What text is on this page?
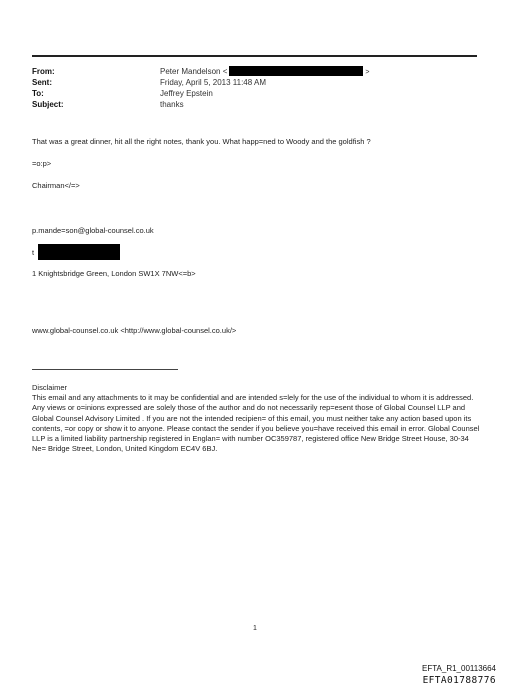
From:	Peter Mandelson <	>
Sent:	Friday, April 5, 2013 11:48 AM
To:	Jeffrey Epstein
Subject:	thanks
That was a great dinner, hit all the right notes, thank you. What happ=ned to Woody and the goldfish ?
=o:p>
Chairman</=>
p.mande=son@global-counsel.co.uk
t
1 Knightsbridge Green, London SW1X 7NW<=b>
www.global-counsel.co.uk <http://www.global-counsel.co.uk/>
Disclaimer
This email and any attachments to it may be confidential and are intended s=lely for the use of the individual to whom it is addressed. Any views or o=inions expressed are solely those of the author and do not necessarily rep=esent those of Global Counsel LLP and Global Counsel Advisory Limited . If you are not the intended recipien= of this email, you must neither take any action based upon its contents, =or copy or show it to anyone. Please contact the sender if you believe you=have received this email in error. Global Counsel LLP is a limited liability partnership registered in Englan= with number OC359787, registered office New Bridge Street House, 30-34 Ne= Bridge Street, London, United Kingdom EC4V 6BJ.
1
EFTA_R1_00113664
EFTA01788776
